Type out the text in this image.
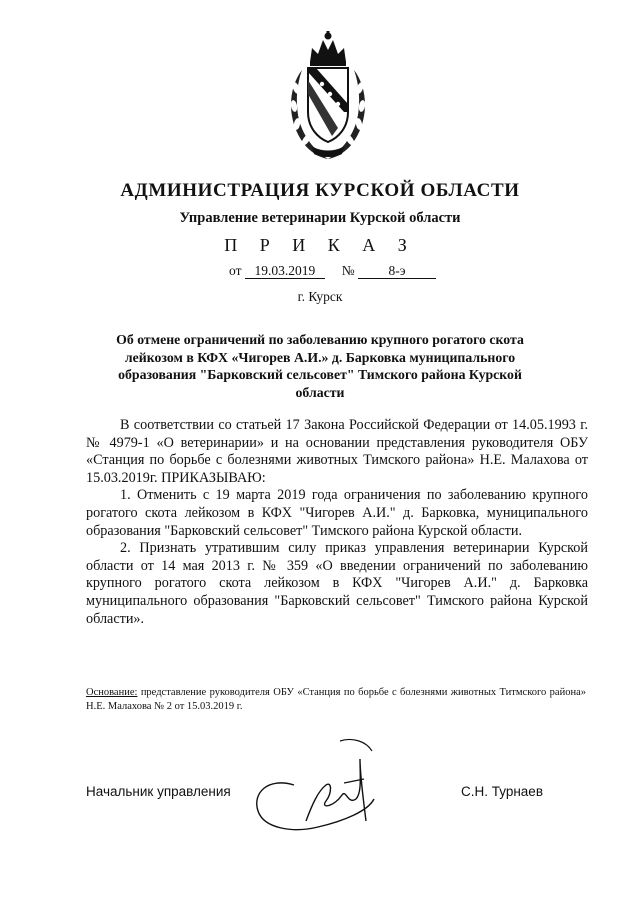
АДМИНИСТРАЦИЯ КУРСКОЙ ОБЛАСТИ
Управление ветеринарии Курской области
П Р И К А З
от 19.03.2019 №	8-э
г. Курск
Об отмене ограничений по заболеванию крупного рогатого скота лейкозом в КФХ «Чигорев А.И.» д. Барковка муниципального образования "Барковский сельсовет" Тимского района Курской области

В соответствии со статьей 17 Закона Российской Федерации от 14.05.1993 г. № 4979-1 «О ветеринарии» и на основании представления руководителя ОБУ «Станция по борьбе с болезнями животных Тимского района» Н.Е. Малахова от 15.03.2019г. ПРИКАЗЫВАЮ:

1. Отменить с 19 марта 2019 года ограничения по заболеванию крупного рогатого скота лейкозом в КФХ "Чигорев А.И." д. Барковка, муниципального образования "Барковский сельсовет" Тимского района Курской области.

2. Признать утратившим силу приказ управления ветеринарии Курской области от 14 мая 2013 г. № 359 «О введении ограничений по заболеванию крупного рогатого скота лейкозом в КФХ "Чигорев А.И." д. Барковка муниципального образования "Барковский сельсовет" Тимского района Курской области».

Основание: представление руководителя ОБУ «Станция по борьбе с болезнями животных Титмского района» Н.Е. Малахова № 2 от 15.03.2019 г.
Начальник управления	С.Н. Турнаев
